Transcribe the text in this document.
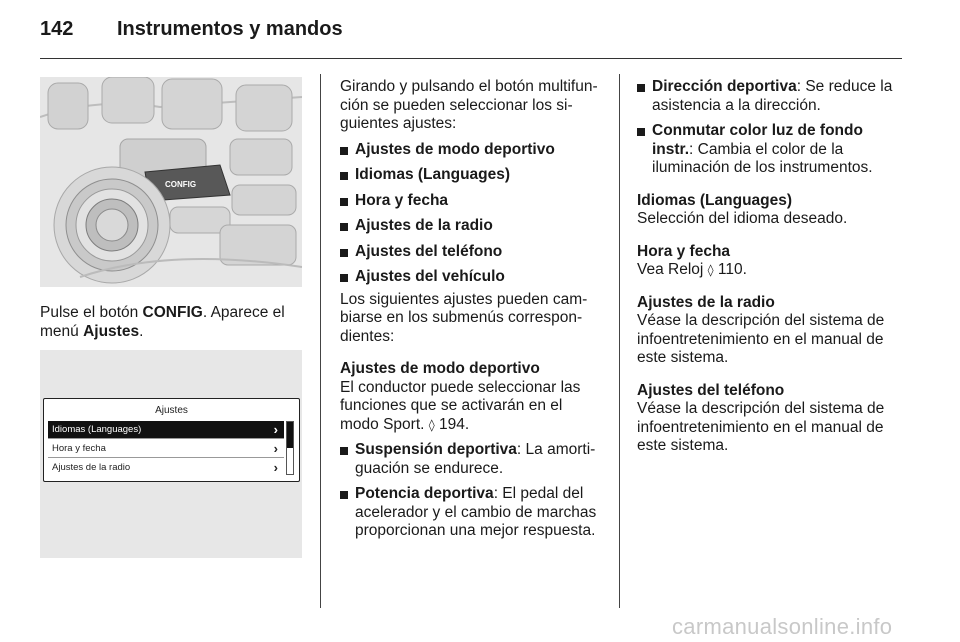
142 Instrumentos y mandos
CONFIG
Pulse el botón CONFIG. Aparece el menú Ajustes.
Ajustes
Idiomas (Languages)	›
Hora y fecha	›
Ajustes de la radio	›

Girando y pulsando el botón multifunción se pueden seleccionar los siguientes ajustes:

Ajustes de modo deportivo
Idiomas (Languages)
Hora y fecha
Ajustes de la radio
Ajustes del teléfono
Ajustes del vehículo

Los siguientes ajustes pueden cambiarse en los submenús correspondientes:

Ajustes de modo deportivo

El conductor puede seleccionar las funciones que se activarán en el modo Sport. ◊ 194.

Suspensión deportiva: La amortiguación se endurece.
Potencia deportiva: El pedal del acelerador y el cambio de marchas proporcionan una mejor respuesta.
Dirección deportiva: Se reduce la asistencia a la dirección.
Conmutar color luz de fondo instr.: Cambia el color de la iluminación de los instrumentos.

Idiomas (Languages)

Selección del idioma deseado.

Hora y fecha

Vea Reloj ◊ 110.

Ajustes de la radio

Véase la descripción del sistema de infoentretenimiento en el manual de este sistema.

Ajustes del teléfono

Véase la descripción del sistema de infoentretenimiento en el manual de este sistema.

carmanualsonline.info
